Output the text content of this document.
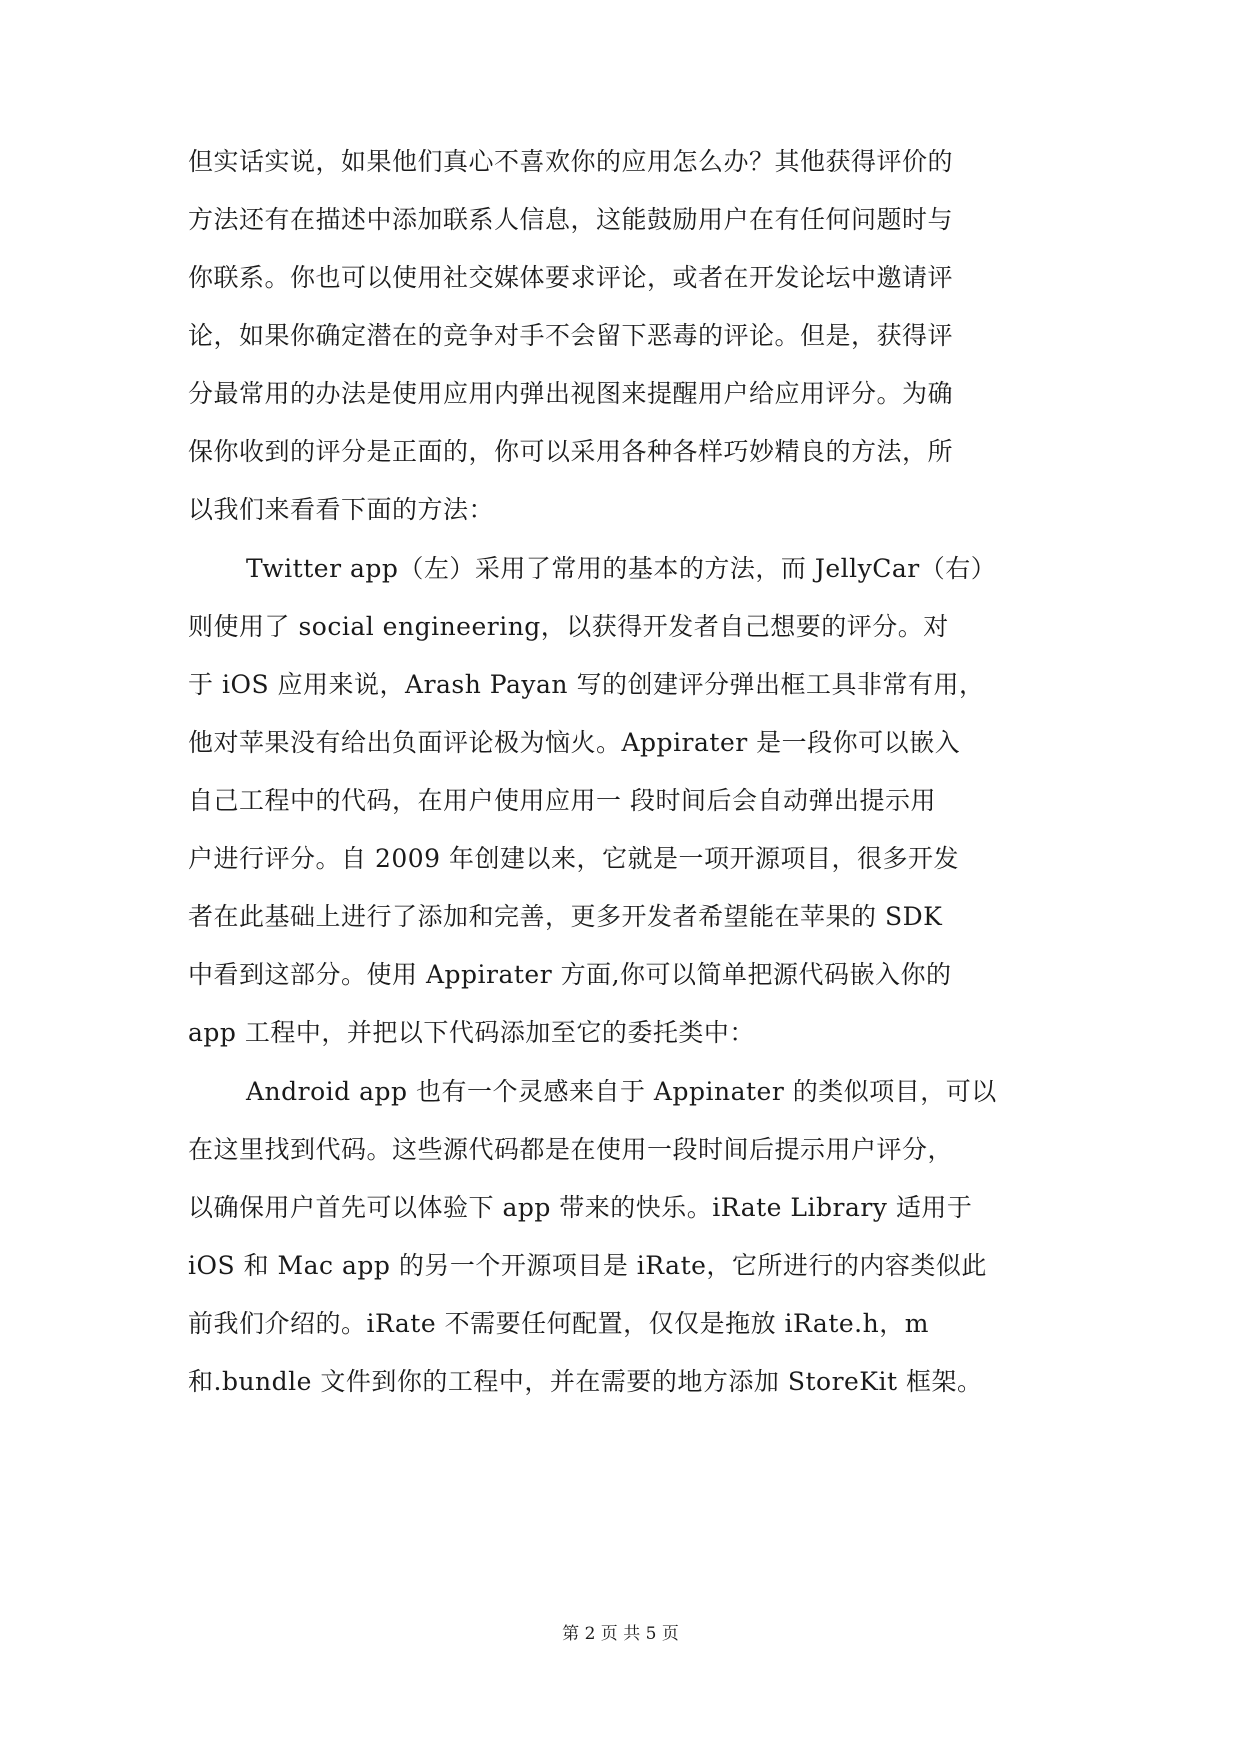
但实话实说，如果他们真心不喜欢你的应用怎么办？其他获得评价的
方法还有在描述中添加联系人信息，这能鼓励用户在有任何问题时与
你联系。你也可以使用社交媒体要求评论，或者在开发论坛中邀请评
论，如果你确定潜在的竞争对手不会留下恶毒的评论。但是，获得评
分最常用的办法是使用应用内弹出视图来提醒用户给应用评分。为确
保你收到的评分是正面的，你可以采用各种各样巧妙精良的方法，所
以我们来看看下面的方法：
Twitter app（左）采用了常用的基本的方法，而 JellyCar（右）
则使用了 social engineering，以获得开发者自己想要的评分。对
于 iOS 应用来说，Arash Payan 写的创建评分弹出框工具非常有用，
他对苹果没有给出负面评论极为恼火。Appirater 是一段你可以嵌入
自己工程中的代码，在用户使用应用一 段时间后会自动弹出提示用
户进行评分。自 2009 年创建以来，它就是一项开源项目，很多开发
者在此基础上进行了添加和完善，更多开发者希望能在苹果的 SDK
中看到这部分。使用 Appirater 方面,你可以简单把源代码嵌入你的
app 工程中，并把以下代码添加至它的委托类中：
Android app 也有一个灵感来自于 Appinater 的类似项目，可以
在这里找到代码。这些源代码都是在使用一段时间后提示用户评分，
以确保用户首先可以体验下 app 带来的快乐。iRate Library 适用于
iOS 和 Mac app 的另一个开源项目是 iRate，它所进行的内容类似此
前我们介绍的。iRate 不需要任何配置，仅仅是拖放 iRate.h，m
和.bundle 文件到你的工程中，并在需要的地方添加 StoreKit 框架。
第 2 页 共 5 页
